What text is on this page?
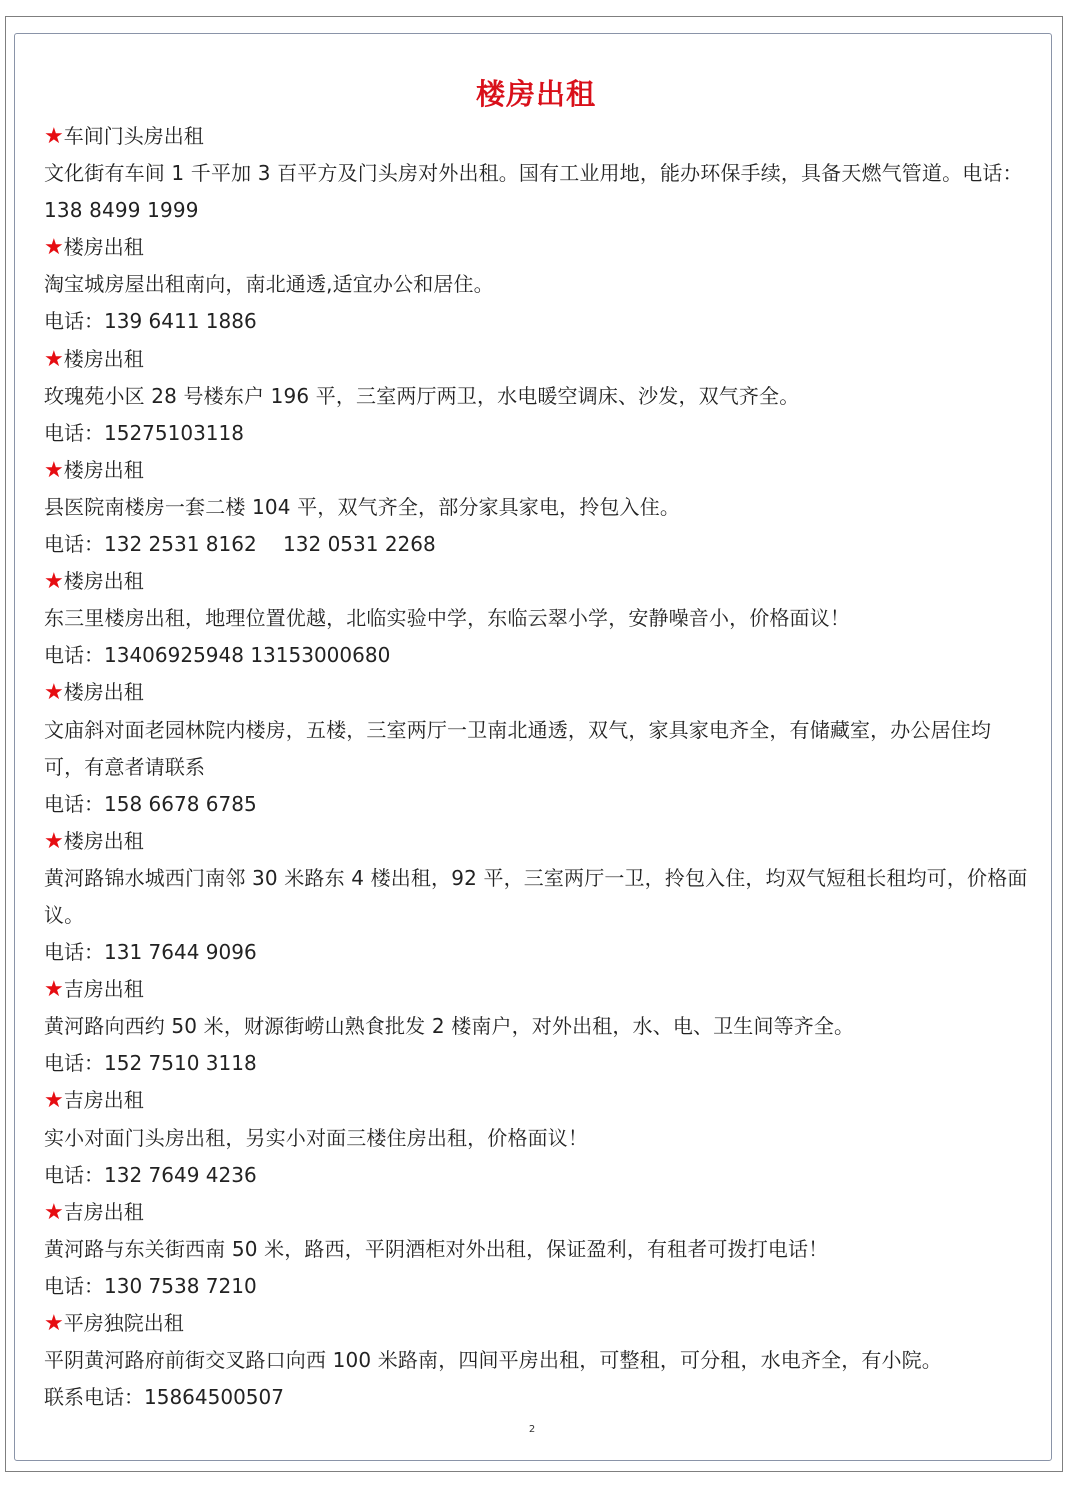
楼房出租
★车间门头房出租
文化街有车间 1 千平加 3 百平方及门头房对外出租。国有工业用地，能办环保手续，具备天燃气管道。电话：138 8499 1999
★楼房出租
淘宝城房屋出租南向，南北通透,适宜办公和居住。
电话：139 6411 1886
★楼房出租
玫瑰苑小区 28 号楼东户 196 平，三室两厅两卫，水电暖空调床、沙发，双气齐全。
电话：15275103118
★楼房出租
县医院南楼房一套二楼 104 平，双气齐全，部分家具家电，拎包入住。
电话：132 2531 8162　 132 0531 2268
★楼房出租
东三里楼房出租，地理位置优越，北临实验中学，东临云翠小学，安静噪音小，价格面议！
电话：13406925948 13153000680
★楼房出租
文庙斜对面老园林院内楼房，五楼，三室两厅一卫南北通透，双气，家具家电齐全，有储藏室，办公居住均可，有意者请联系
电话：158 6678 6785
★楼房出租
黄河路锦水城西门南邻 30 米路东 4 楼出租，92 平，三室两厅一卫，拎包入住，均双气短租长租均可，价格面议。
电话：131 7644 9096
★吉房出租
黄河路向西约 50 米，财源街崂山熟食批发 2 楼南户，对外出租，水、电、卫生间等齐全。
电话：152 7510 3118
★吉房出租
实小对面门头房出租，另实小对面三楼住房出租，价格面议！
电话：132 7649 4236
★吉房出租
黄河路与东关街西南 50 米，路西，平阴酒柜对外出租，保证盈利，有租者可拨打电话！
电话：130 7538 7210
★平房独院出租
平阴黄河路府前街交叉路口向西 100 米路南，四间平房出租，可整租，可分租，水电齐全，有小院。
联系电话：15864500507
2
